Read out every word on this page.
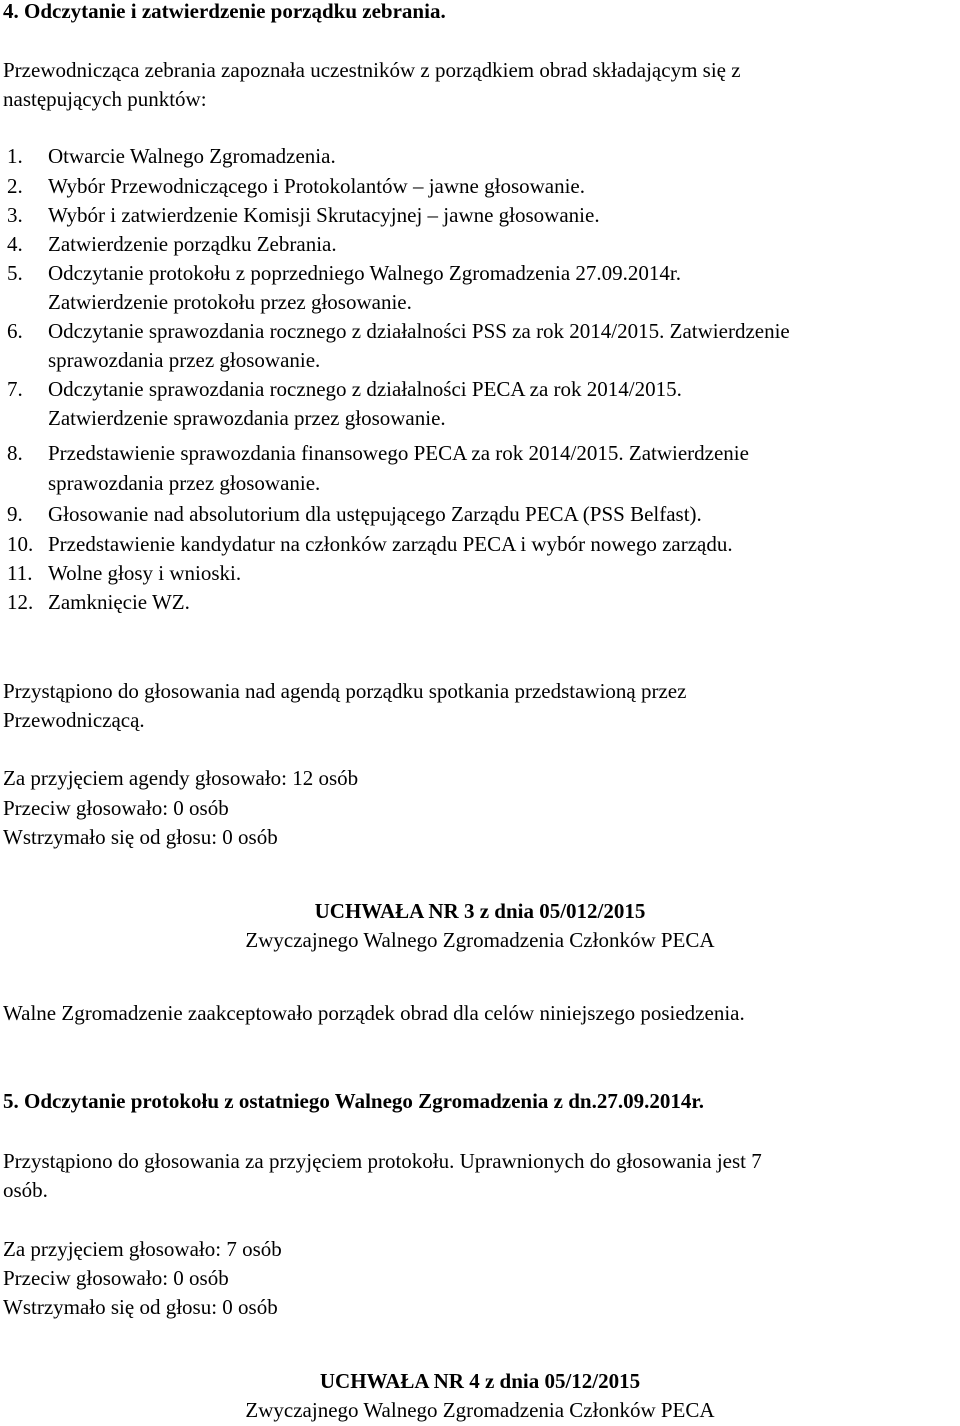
4. Odczytanie i zatwierdzenie porządku zebrania.
Przewodnicząca zebrania zapoznała uczestników z porządkiem obrad składającym się z
następujących punktów:
1. Otwarcie Walnego Zgromadzenia.
2. Wybór Przewodniczącego i Protokolantów – jawne głosowanie.
3. Wybór i zatwierdzenie Komisji Skrutacyjnej – jawne głosowanie.
4. Zatwierdzenie porządku Zebrania.
5. Odczytanie protokołu z poprzedniego Walnego Zgromadzenia 27.09.2014r.
Zatwierdzenie protokołu przez głosowanie.
6. Odczytanie sprawozdania rocznego z działalności PSS za rok 2014/2015. Zatwierdzenie
sprawozdania przez głosowanie.
7. Odczytanie sprawozdania rocznego z działalności PECA za rok 2014/2015.
Zatwierdzenie sprawozdania przez głosowanie.
8. Przedstawienie sprawozdania finansowego PECA za rok 2014/2015. Zatwierdzenie
sprawozdania przez głosowanie.
9. Głosowanie nad absolutorium dla ustępującego Zarządu PECA (PSS Belfast).
10. Przedstawienie kandydatur na członków zarządu PECA i wybór nowego zarządu.
11. Wolne głosy i wnioski.
12. Zamknięcie WZ.
Przystąpiono do głosowania nad agendą porządku spotkania przedstawioną przez
Przewodniczącą.
Za przyjęciem agendy głosowało: 12 osób
Przeciw głosowało: 0 osób
Wstrzymało się od głosu: 0 osób
UCHWAŁA NR 3 z dnia 05/012/2015
Zwyczajnego Walnego Zgromadzenia Członków PECA
Walne Zgromadzenie zaakceptowało porządek obrad dla celów niniejszego posiedzenia.
5. Odczytanie protokołu z ostatniego Walnego Zgromadzenia z dn.27.09.2014r.
Przystąpiono do głosowania za przyjęciem protokołu. Uprawnionych do głosowania jest 7
osób.
Za przyjęciem głosowało: 7 osób
Przeciw głosowało: 0 osób
Wstrzymało się od głosu: 0 osób
UCHWAŁA NR 4 z dnia 05/12/2015
Zwyczajnego Walnego Zgromadzenia Członków PECA
